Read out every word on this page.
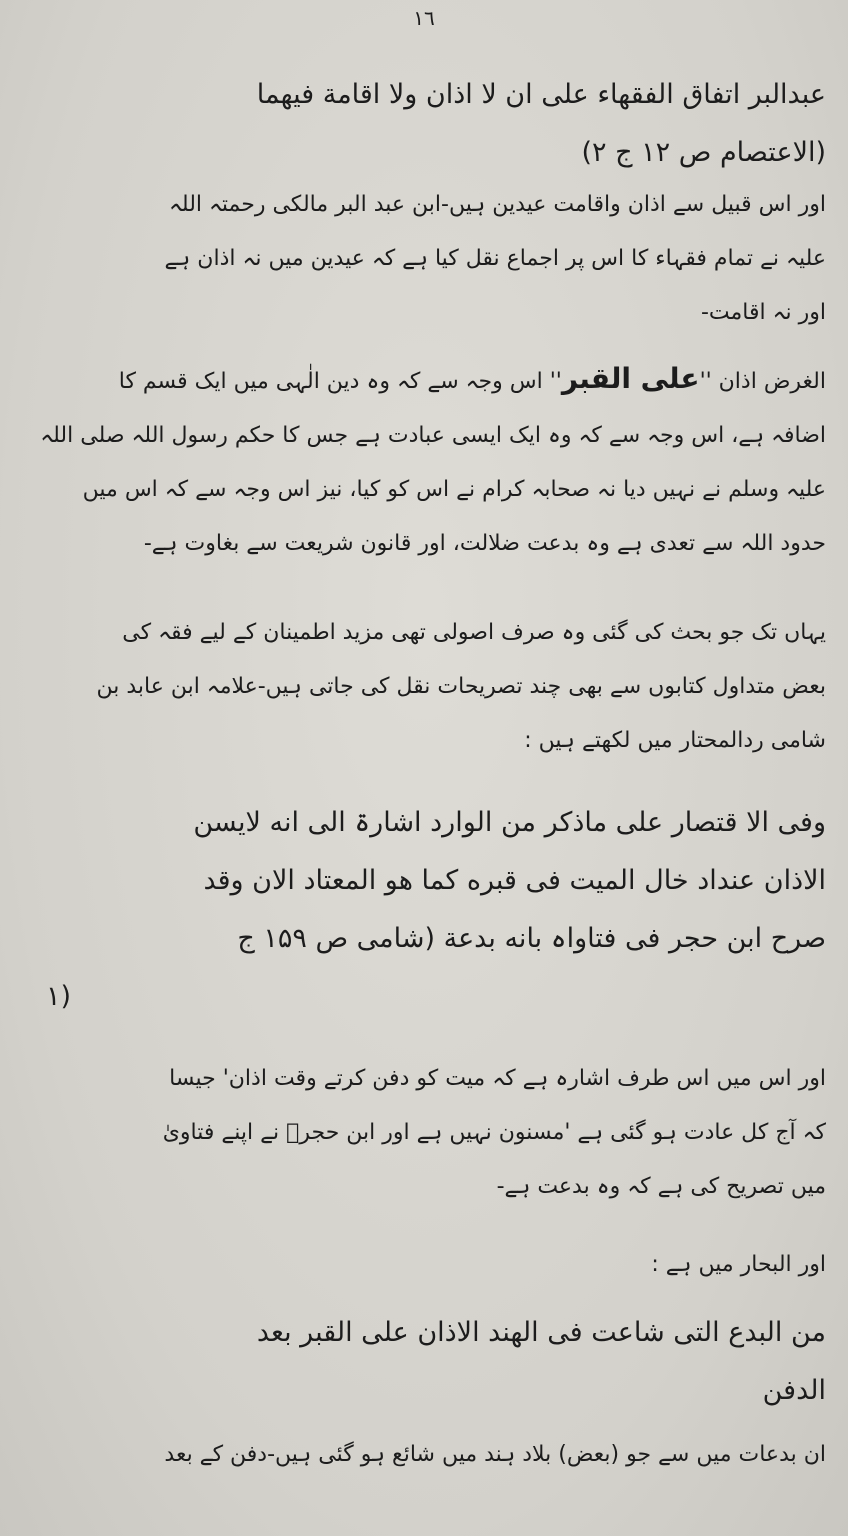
۱٦
عبدالبر اتفاق الفقهاء علی ان لا اذان ولا اقامة فیھما
(الاعتصام ص ۱۲ ج ۲)
اور اس قبیل سے اذان واقامت عیدین ہیں-ابن عبد البر مالکی رحمتہ اللہ
علیہ نے تمام فقہاء کا اس پر اجماع نقل کیا ہے کہ عیدین میں نہ اذان ہے
اور نہ اقامت-
الغرض اذان ''علی القبر'' اس وجہ سے کہ وہ دین الٰہی میں ایک قسم کا
اضافہ ہے، اس وجہ سے کہ وہ ایک ایسی عبادت ہے جس کا حکم رسول اللہ صلی اللہ
علیہ وسلم نے نہیں دیا نہ صحابہ کرام نے اس کو کیا، نیز اس وجہ سے کہ اس میں
حدود اللہ سے تعدی ہے وہ بدعت ضلالت، اور قانون شریعت سے بغاوت ہے-
یہاں تک جو بحث کی گئی وہ صرف اصولی تھی مزید اطمینان کے لیے فقہ کی
بعض متداول کتابوں سے بھی چند تصریحات نقل کی جاتی ہیں-علامہ ابن عابد بن
شامی ردالمحتار میں لکھتے ہیں :
وفی الا قتصار علی ماذکر من الوارد اشارۃ الی انه لایسن
الاذان عنداد خال المیت فی قبره کما ھو المعتاد الان وقد
صرح ابن حجر فی فتاواہ بانه بدعة (شامی ص ۱۵۹ ج
۱)
اور اس میں اس طرف اشارہ ہے کہ میت کو دفن کرتے وقت اذان' جیسا
کہ آج کل عادت ہو گئی ہے 'مسنون نہیں ہے اور ابن حجرؒ نے اپنے فتاویٰ
میں تصریح کی ہے کہ وہ بدعت ہے-
اور البحار میں ہے :
من البدع التی شاعت فی الھند الاذان علی القبر بعد
الدفن
ان بدعات میں سے جو (بعض) بلاد ہند میں شائع ہو گئی ہیں-دفن کے بعد
